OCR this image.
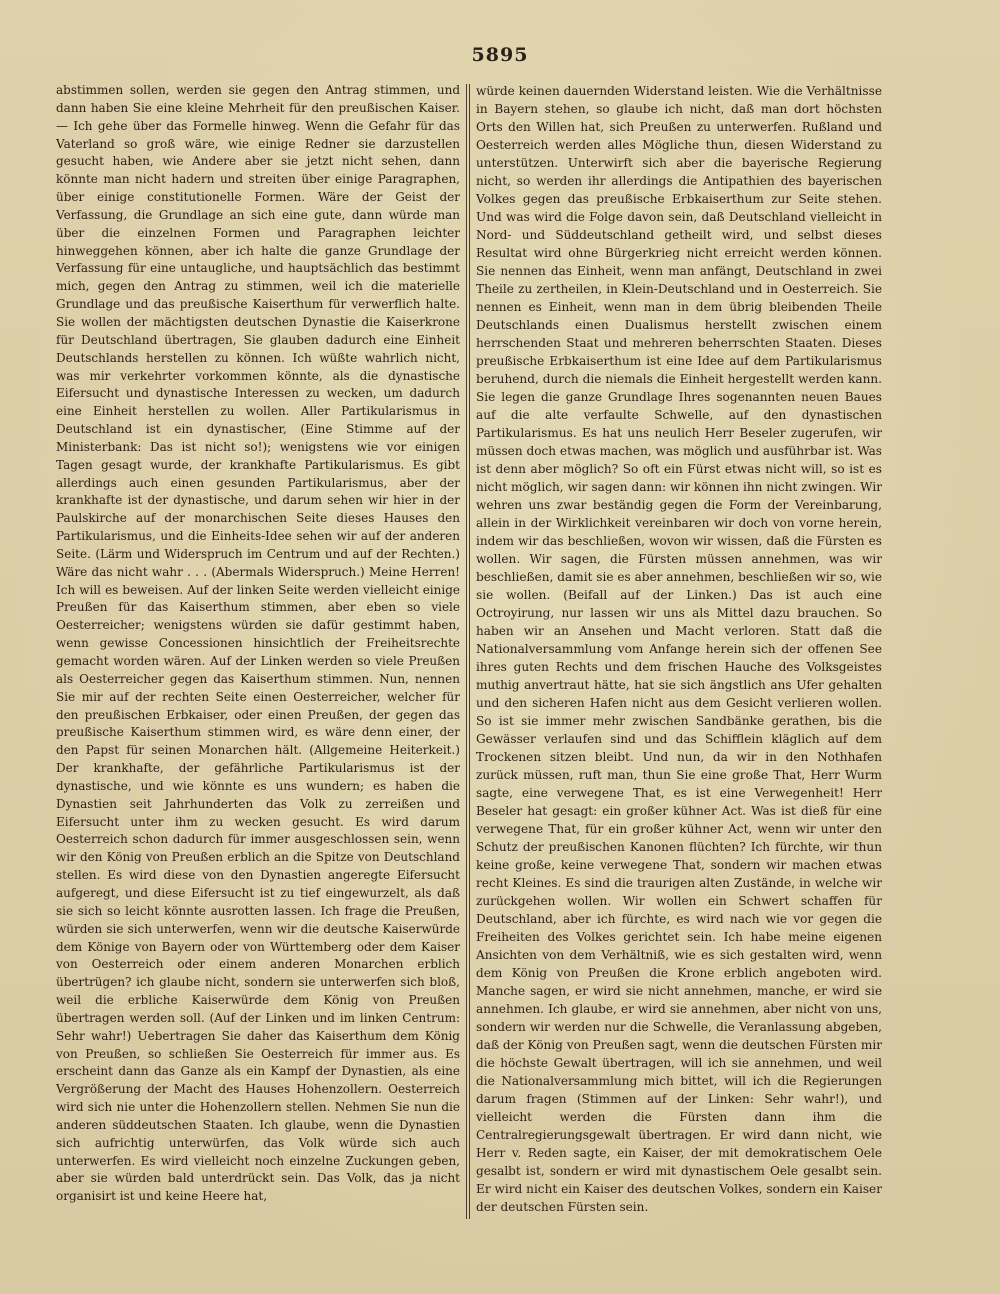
5895
abstimmen sollen, werden sie gegen den Antrag stimmen, und dann haben Sie eine kleine Mehrheit für den preußischen Kaiser. — Ich gehe über das Formelle hinweg. Wenn die Gefahr für das Vaterland so groß wäre, wie einige Redner sie darzustellen gesucht haben, wie Andere aber sie jetzt nicht sehen, dann könnte man nicht hadern und streiten über einige Paragraphen, über einige constitutionelle Formen. Wäre der Geist der Verfassung, die Grundlage an sich eine gute, dann würde man über die einzelnen Formen und Paragraphen leichter hinweggehen können, aber ich halte die ganze Grundlage der Verfassung für eine untaugliche, und hauptsächlich das bestimmt mich, gegen den Antrag zu stimmen, weil ich die materielle Grundlage und das preußische Kaiserthum für verwerflich halte. Sie wollen der mächtigsten deutschen Dynastie die Kaiserkrone für Deutschland übertragen, Sie glauben dadurch eine Einheit Deutschlands herstellen zu können. Ich wüßte wahrlich nicht, was mir verkehrter vorkommen könnte, als die dynastische Eifersucht und dynastische Interessen zu wecken, um dadurch eine Einheit herstellen zu wollen. Aller Partikularismus in Deutschland ist ein dynastischer, (Eine Stimme auf der Ministerbank: Das ist nicht so!); wenigstens wie vor einigen Tagen gesagt wurde, der krankhafte Partikularismus. Es gibt allerdings auch einen gesunden Partikularismus, aber der krankhafte ist der dynastische, und darum sehen wir hier in der Paulskirche auf der monarchischen Seite dieses Hauses den Partikularismus, und die Einheits-Idee sehen wir auf der anderen Seite. (Lärm und Widerspruch im Centrum und auf der Rechten.) Wäre das nicht wahr . . . (Abermals Widerspruch.) Meine Herren! Ich will es beweisen. Auf der linken Seite werden vielleicht einige Preußen für das Kaiserthum stimmen, aber eben so viele Oesterreicher; wenigstens würden sie dafür gestimmt haben, wenn gewisse Concessionen hinsichtlich der Freiheitsrechte gemacht worden wären. Auf der Linken werden so viele Preußen als Oesterreicher gegen das Kaiserthum stimmen. Nun, nennen Sie mir auf der rechten Seite einen Oesterreicher, welcher für den preußischen Erbkaiser, oder einen Preußen, der gegen das preußische Kaiserthum stimmen wird, es wäre denn einer, der den Papst für seinen Monarchen hält. (Allgemeine Heiterkeit.) Der krankhafte, der gefährliche Partikularismus ist der dynastische, und wie könnte es uns wundern; es haben die Dynastien seit Jahrhunderten das Volk zu zerreißen und Eifersucht unter ihm zu wecken gesucht. Es wird darum Oesterreich schon dadurch für immer ausgeschlossen sein, wenn wir den König von Preußen erblich an die Spitze von Deutschland stellen. Es wird diese von den Dynastien angeregte Eifersucht aufgeregt, und diese Eifersucht ist zu tief eingewurzelt, als daß sie sich so leicht könnte ausrotten lassen. Ich frage die Preußen, würden sie sich unterwerfen, wenn wir die deutsche Kaiserwürde dem Könige von Bayern oder von Württemberg oder dem Kaiser von Oesterreich oder einem anderen Monarchen erblich übertrügen? ich glaube nicht, sondern sie unterwerfen sich bloß, weil die erbliche Kaiserwürde dem König von Preußen übertragen werden soll. (Auf der Linken und im linken Centrum: Sehr wahr!) Uebertragen Sie daher das Kaiserthum dem König von Preußen, so schließen Sie Oesterreich für immer aus. Es erscheint dann das Ganze als ein Kampf der Dynastien, als eine Vergrößerung der Macht des Hauses Hohenzollern. Oesterreich wird sich nie unter die Hohenzollern stellen. Nehmen Sie nun die anderen süddeutschen Staaten. Ich glaube, wenn die Dynastien sich aufrichtig unterwürfen, das Volk würde sich auch unterwerfen. Es wird vielleicht noch einzelne Zuckungen geben, aber sie würden bald unterdrückt sein. Das Volk, das ja nicht organisirt ist und keine Heere hat,
würde keinen dauernden Widerstand leisten. Wie die Verhältnisse in Bayern stehen, so glaube ich nicht, daß man dort höchsten Orts den Willen hat, sich Preußen zu unterwerfen. Rußland und Oesterreich werden alles Mögliche thun, diesen Widerstand zu unterstützen. Unterwirft sich aber die bayerische Regierung nicht, so werden ihr allerdings die Antipathien des bayerischen Volkes gegen das preußische Erbkaiserthum zur Seite stehen. Und was wird die Folge davon sein, daß Deutschland vielleicht in Nord- und Süddeutschland getheilt wird, und selbst dieses Resultat wird ohne Bürgerkrieg nicht erreicht werden können. Sie nennen das Einheit, wenn man anfängt, Deutschland in zwei Theile zu zertheilen, in Klein-Deutschland und in Oesterreich. Sie nennen es Einheit, wenn man in dem übrig bleibenden Theile Deutschlands einen Dualismus herstellt zwischen einem herrschenden Staat und mehreren beherrschten Staaten. Dieses preußische Erbkaiserthum ist eine Idee auf dem Partikularismus beruhend, durch die niemals die Einheit hergestellt werden kann. Sie legen die ganze Grundlage Ihres sogenannten neuen Baues auf die alte verfaulte Schwelle, auf den dynastischen Partikularismus. Es hat uns neulich Herr Beseler zugerufen, wir müssen doch etwas machen, was möglich und ausführbar ist. Was ist denn aber möglich? So oft ein Fürst etwas nicht will, so ist es nicht möglich, wir sagen dann: wir können ihn nicht zwingen. Wir wehren uns zwar beständig gegen die Form der Vereinbarung, allein in der Wirklichkeit vereinbaren wir doch von vorne herein, indem wir das beschließen, wovon wir wissen, daß die Fürsten es wollen. Wir sagen, die Fürsten müssen annehmen, was wir beschließen, damit sie es aber annehmen, beschließen wir so, wie sie wollen. (Beifall auf der Linken.) Das ist auch eine Octroyirung, nur lassen wir uns als Mittel dazu brauchen. So haben wir an Ansehen und Macht verloren. Statt daß die Nationalversammlung vom Anfange herein sich der offenen See ihres guten Rechts und dem frischen Hauche des Volksgeistes muthig anvertraut hätte, hat sie sich ängstlich ans Ufer gehalten und den sicheren Hafen nicht aus dem Gesicht verlieren wollen. So ist sie immer mehr zwischen Sandbänke gerathen, bis die Gewässer verlaufen sind und das Schifflein kläglich auf dem Trockenen sitzen bleibt. Und nun, da wir in den Nothhafen zurück müssen, ruft man, thun Sie eine große That, Herr Wurm sagte, eine verwegene That, es ist eine Verwegenheit! Herr Beseler hat gesagt: ein großer kühner Act. Was ist dieß für eine verwegene That, für ein großer kühner Act, wenn wir unter den Schutz der preußischen Kanonen flüchten? Ich fürchte, wir thun keine große, keine verwegene That, sondern wir machen etwas recht Kleines. Es sind die traurigen alten Zustände, in welche wir zurückgehen wollen. Wir wollen ein Schwert schaffen für Deutschland, aber ich fürchte, es wird nach wie vor gegen die Freiheiten des Volkes gerichtet sein. Ich habe meine eigenen Ansichten von dem Verhältniß, wie es sich gestalten wird, wenn dem König von Preußen die Krone erblich angeboten wird. Manche sagen, er wird sie nicht annehmen, manche, er wird sie annehmen. Ich glaube, er wird sie annehmen, aber nicht von uns, sondern wir werden nur die Schwelle, die Veranlassung abgeben, daß der König von Preußen sagt, wenn die deutschen Fürsten mir die höchste Gewalt übertragen, will ich sie annehmen, und weil die Nationalversammlung mich bittet, will ich die Regierungen darum fragen (Stimmen auf der Linken: Sehr wahr!), und vielleicht werden die Fürsten dann ihm die Centralregierungsgewalt übertragen. Er wird dann nicht, wie Herr v. Reden sagte, ein Kaiser, der mit demokratischem Oele gesalbt ist, sondern er wird mit dynastischem Oele gesalbt sein. Er wird nicht ein Kaiser des deutschen Volkes, sondern ein Kaiser der deutschen Fürsten sein.
